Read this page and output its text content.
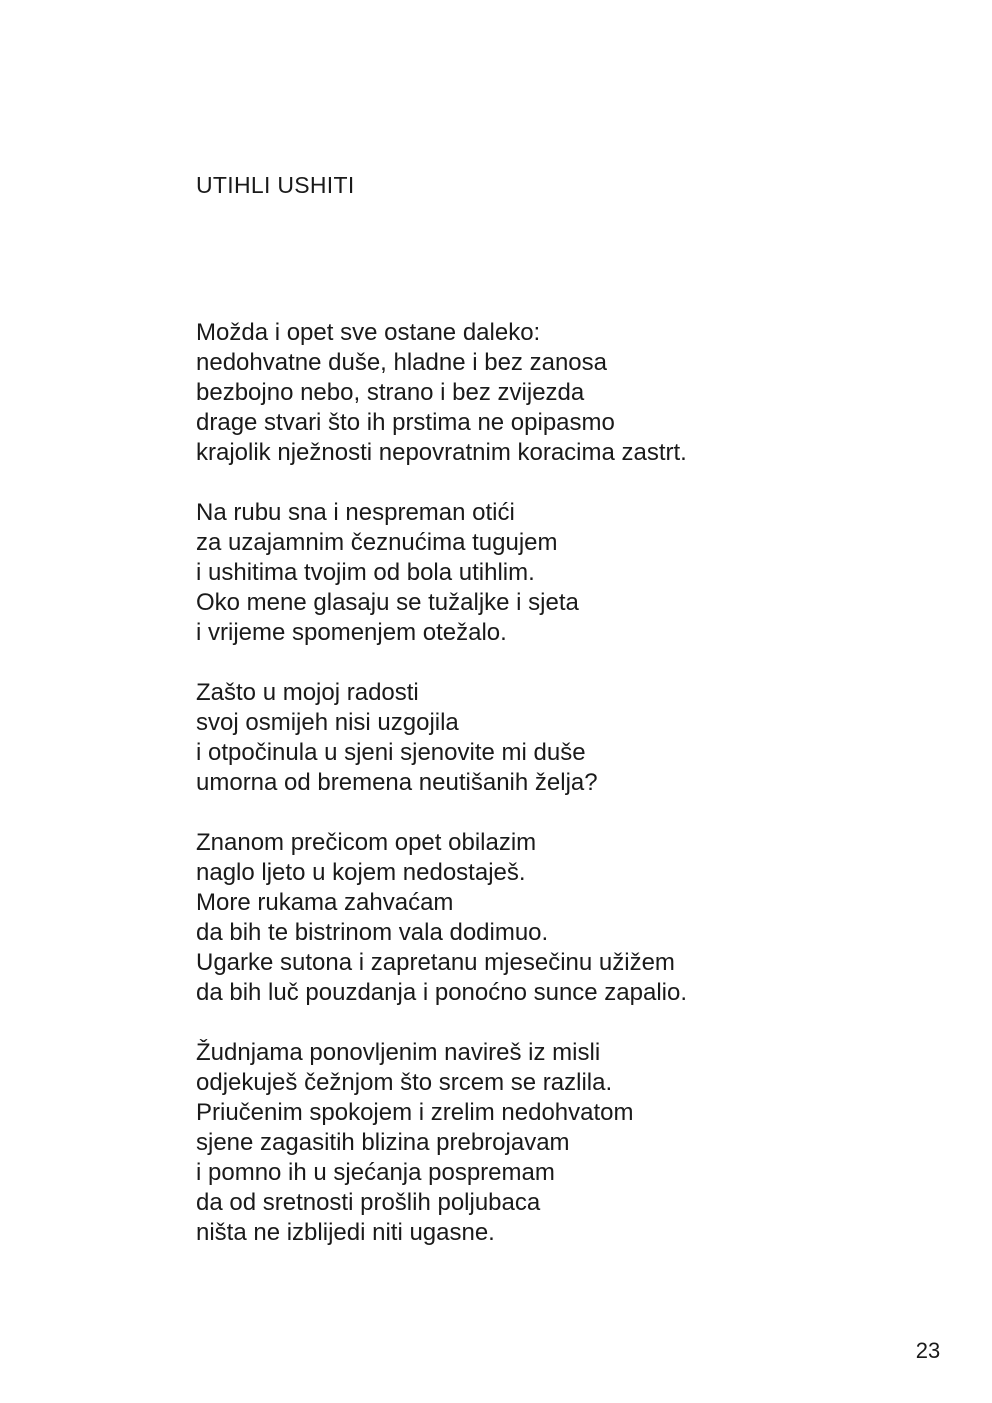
UTIHLI USHITI
Možda i opet sve ostane daleko:
nedohvatne duše, hladne i bez zanosa
bezbojno nebo, strano i bez zvijezda
drage stvari što ih prstima ne opipasmo
krajolik nježnosti nepovratnim koracima zastrt.
Na rubu sna i nespreman otići
za uzajamnim čeznućima tugujem
i ushitima tvojim od bola utihlim.
Oko mene glasaju se tužaljke i sjeta
i vrijeme spomenjem otežalo.
Zašto u mojoj radosti
svoj osmijeh nisi uzgojila
i otpočinula u sjeni sjenovite mi duše
umorna od bremena neutišanih želja?
Znanom prečicom opet obilazim
naglo ljeto u kojem nedostaješ.
More rukama zahvaćam
da bih te bistrinom vala dodimuo.
Ugarke sutona i zapretanu mjesečinu užižem
da bih luč pouzdanja i ponoćno sunce zapalio.
Žudnjama ponovljenim navireš iz misli
odjekuješ čežnjom što srcem se razlila.
Priučenim spokojem i zrelim nedohvatom
sjene zagasitih blizina prebrojavam
i pomno ih u sjećanja pospremam
da od sretnosti prošlih poljubaca
ništa ne izblijedi niti ugasne.
23
